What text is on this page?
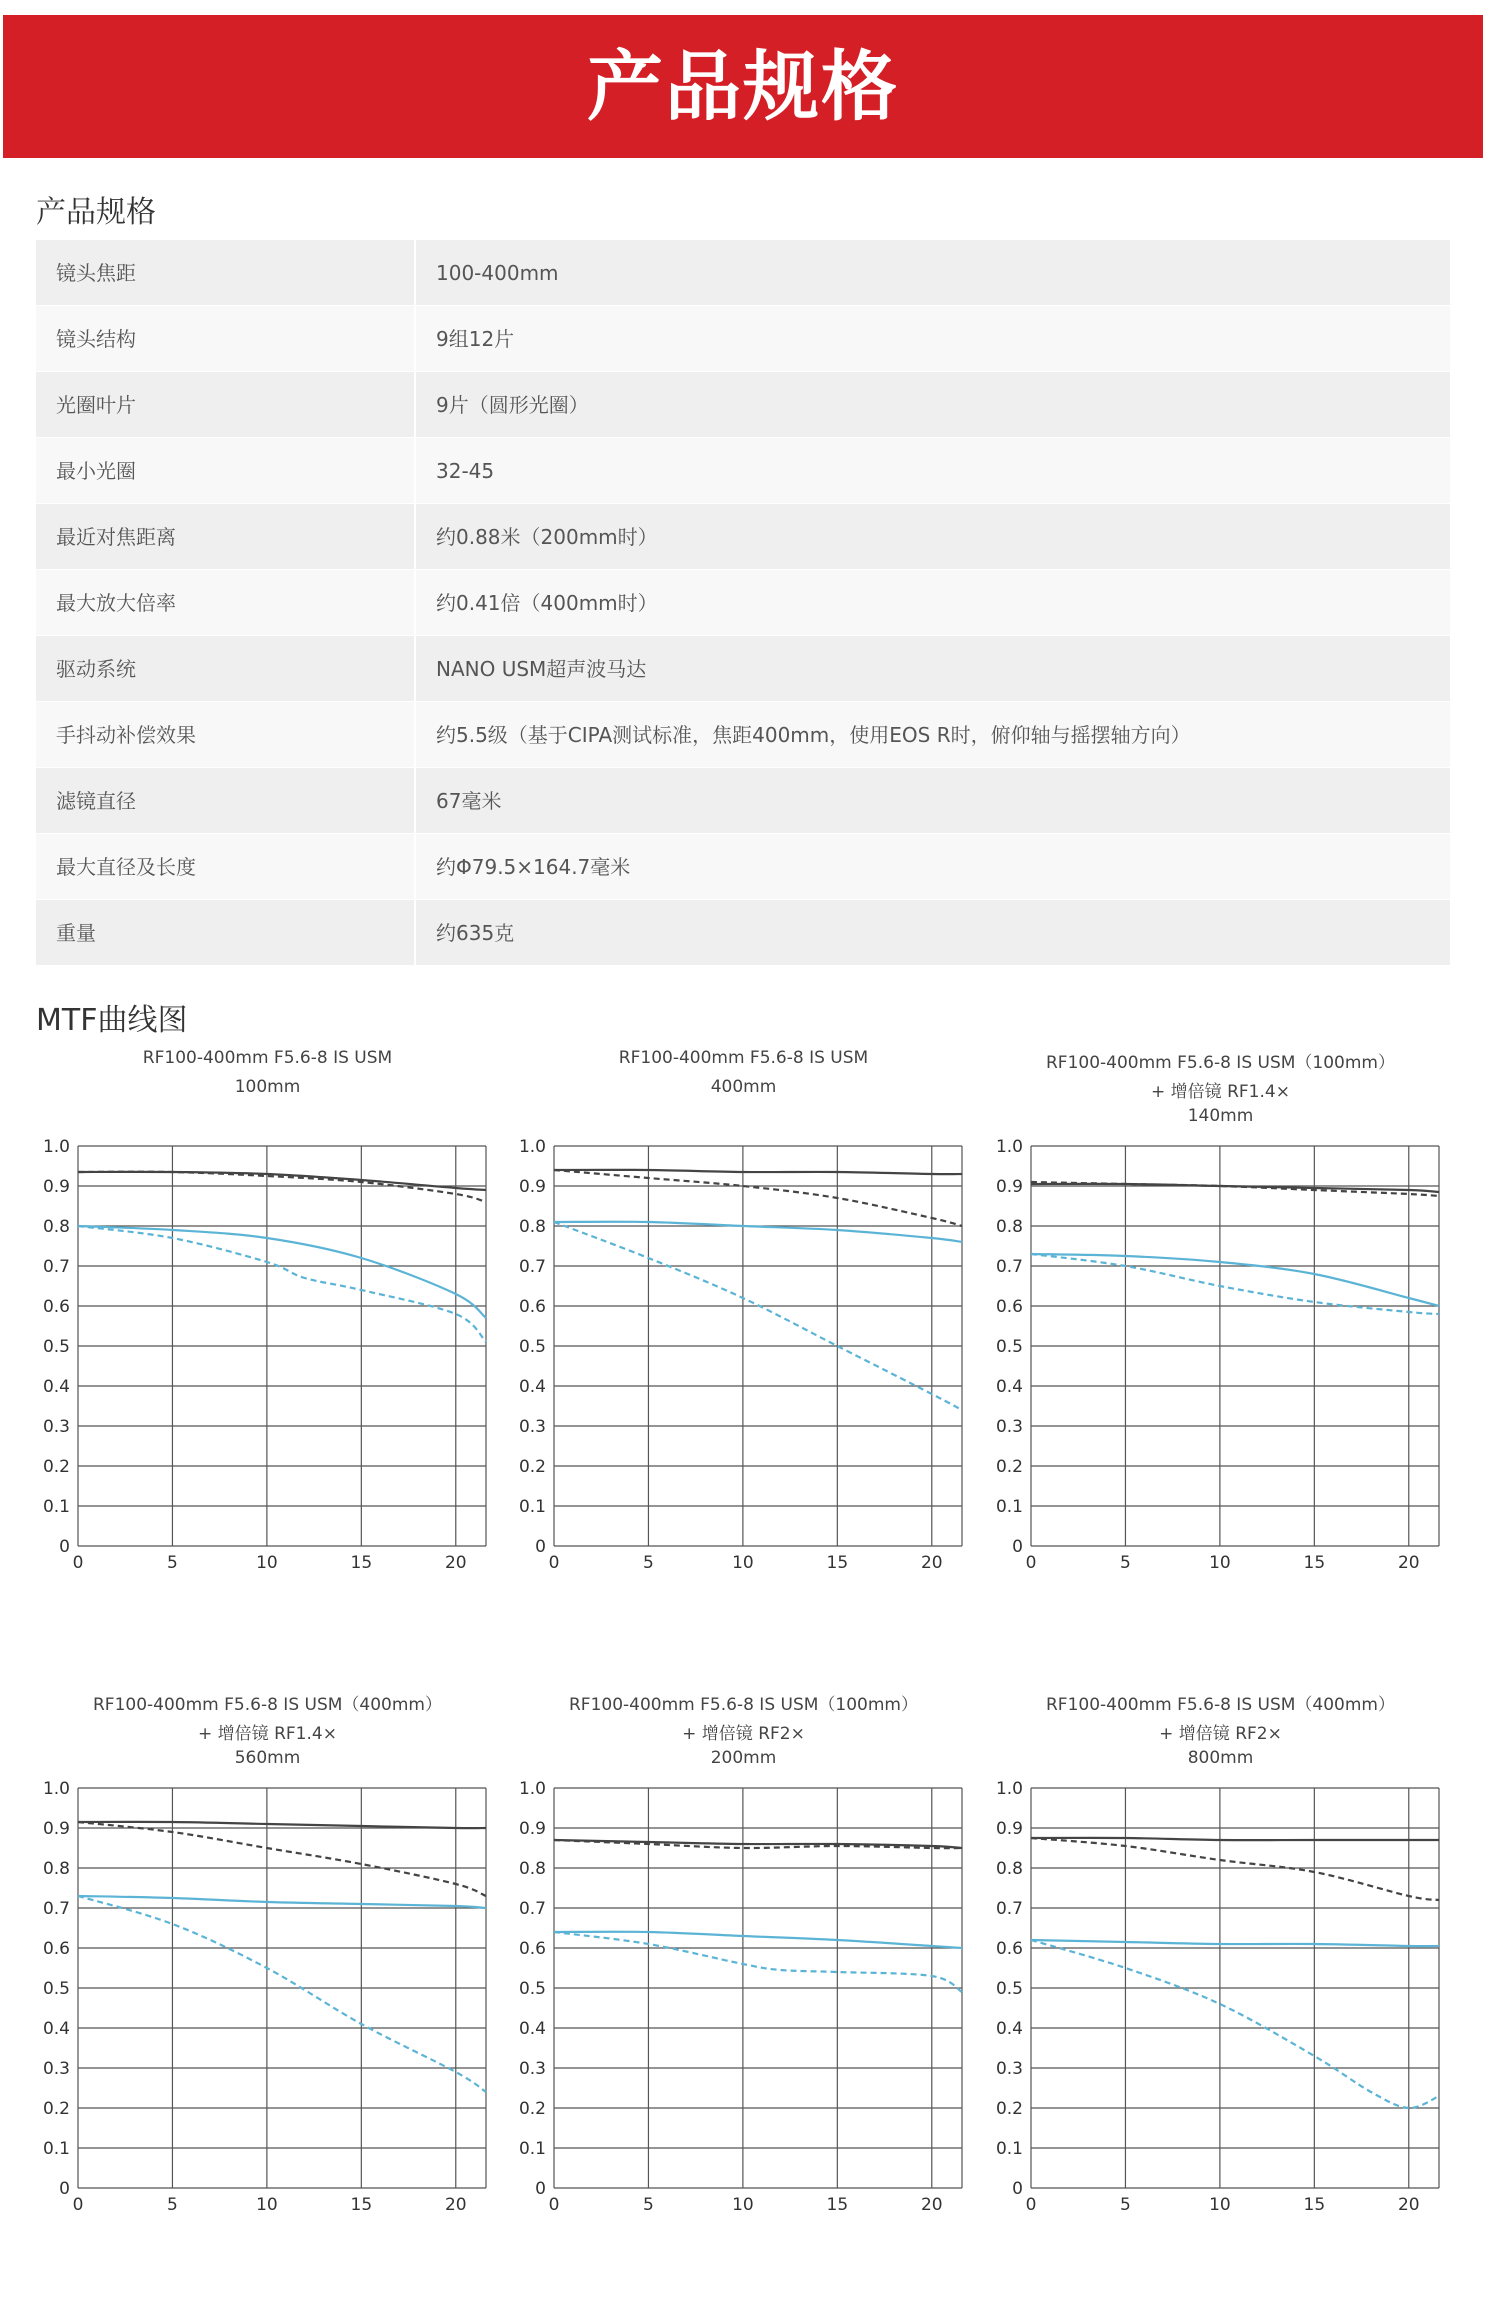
产品规格
产品规格
镜头焦距	100-400mm
镜头结构	9组12片
光圈叶片	9片（圆形光圈）
最小光圈	32-45
最近对焦距离	约0.88米（200mm时）
最大放大倍率	约0.41倍（400mm时）
驱动系统	NANO USM超声波马达
手抖动补偿效果	约5.5级（基于CIPA测试标准，焦距400mm，使用EOS R时，俯仰轴与摇摆轴方向）
滤镜直径	67毫米
最大直径及长度	约Φ79.5×164.7毫米
重量	约635克
MTF曲线图
RF100-400mm F5.6-8 IS USM
100mm
0
0.1
0.2
0.3
0.4
0.5
0.6
0.7
0.8
0.9
1.0
0	5	10	15	20
RF100-400mm F5.6-8 IS USM
400mm
0
0.1
0.2
0.3
0.4
0.5
0.6
0.7
0.8
0.9
1.0
0	5	10	15	20
RF100-400mm F5.6-8 IS USM（100mm）
+ 增倍镜 RF1.4×
140mm
0
0.1
0.2
0.3
0.4
0.5
0.6
0.7
0.8
0.9
1.0
0	5	10	15	20
RF100-400mm F5.6-8 IS USM（400mm）
+ 增倍镜 RF1.4×
560mm
0
0.1
0.2
0.3
0.4
0.5
0.6
0.7
0.8
0.9
1.0
0	5	10	15	20
RF100-400mm F5.6-8 IS USM（100mm）
+ 增倍镜 RF2×
200mm
0
0.1
0.2
0.3
0.4
0.5
0.6
0.7
0.8
0.9
1.0
0	5	10	15	20
RF100-400mm F5.6-8 IS USM（400mm）
+ 增倍镜 RF2×
800mm
0
0.1
0.2
0.3
0.4
0.5
0.6
0.7
0.8
0.9
1.0
0	5	10	15	20
